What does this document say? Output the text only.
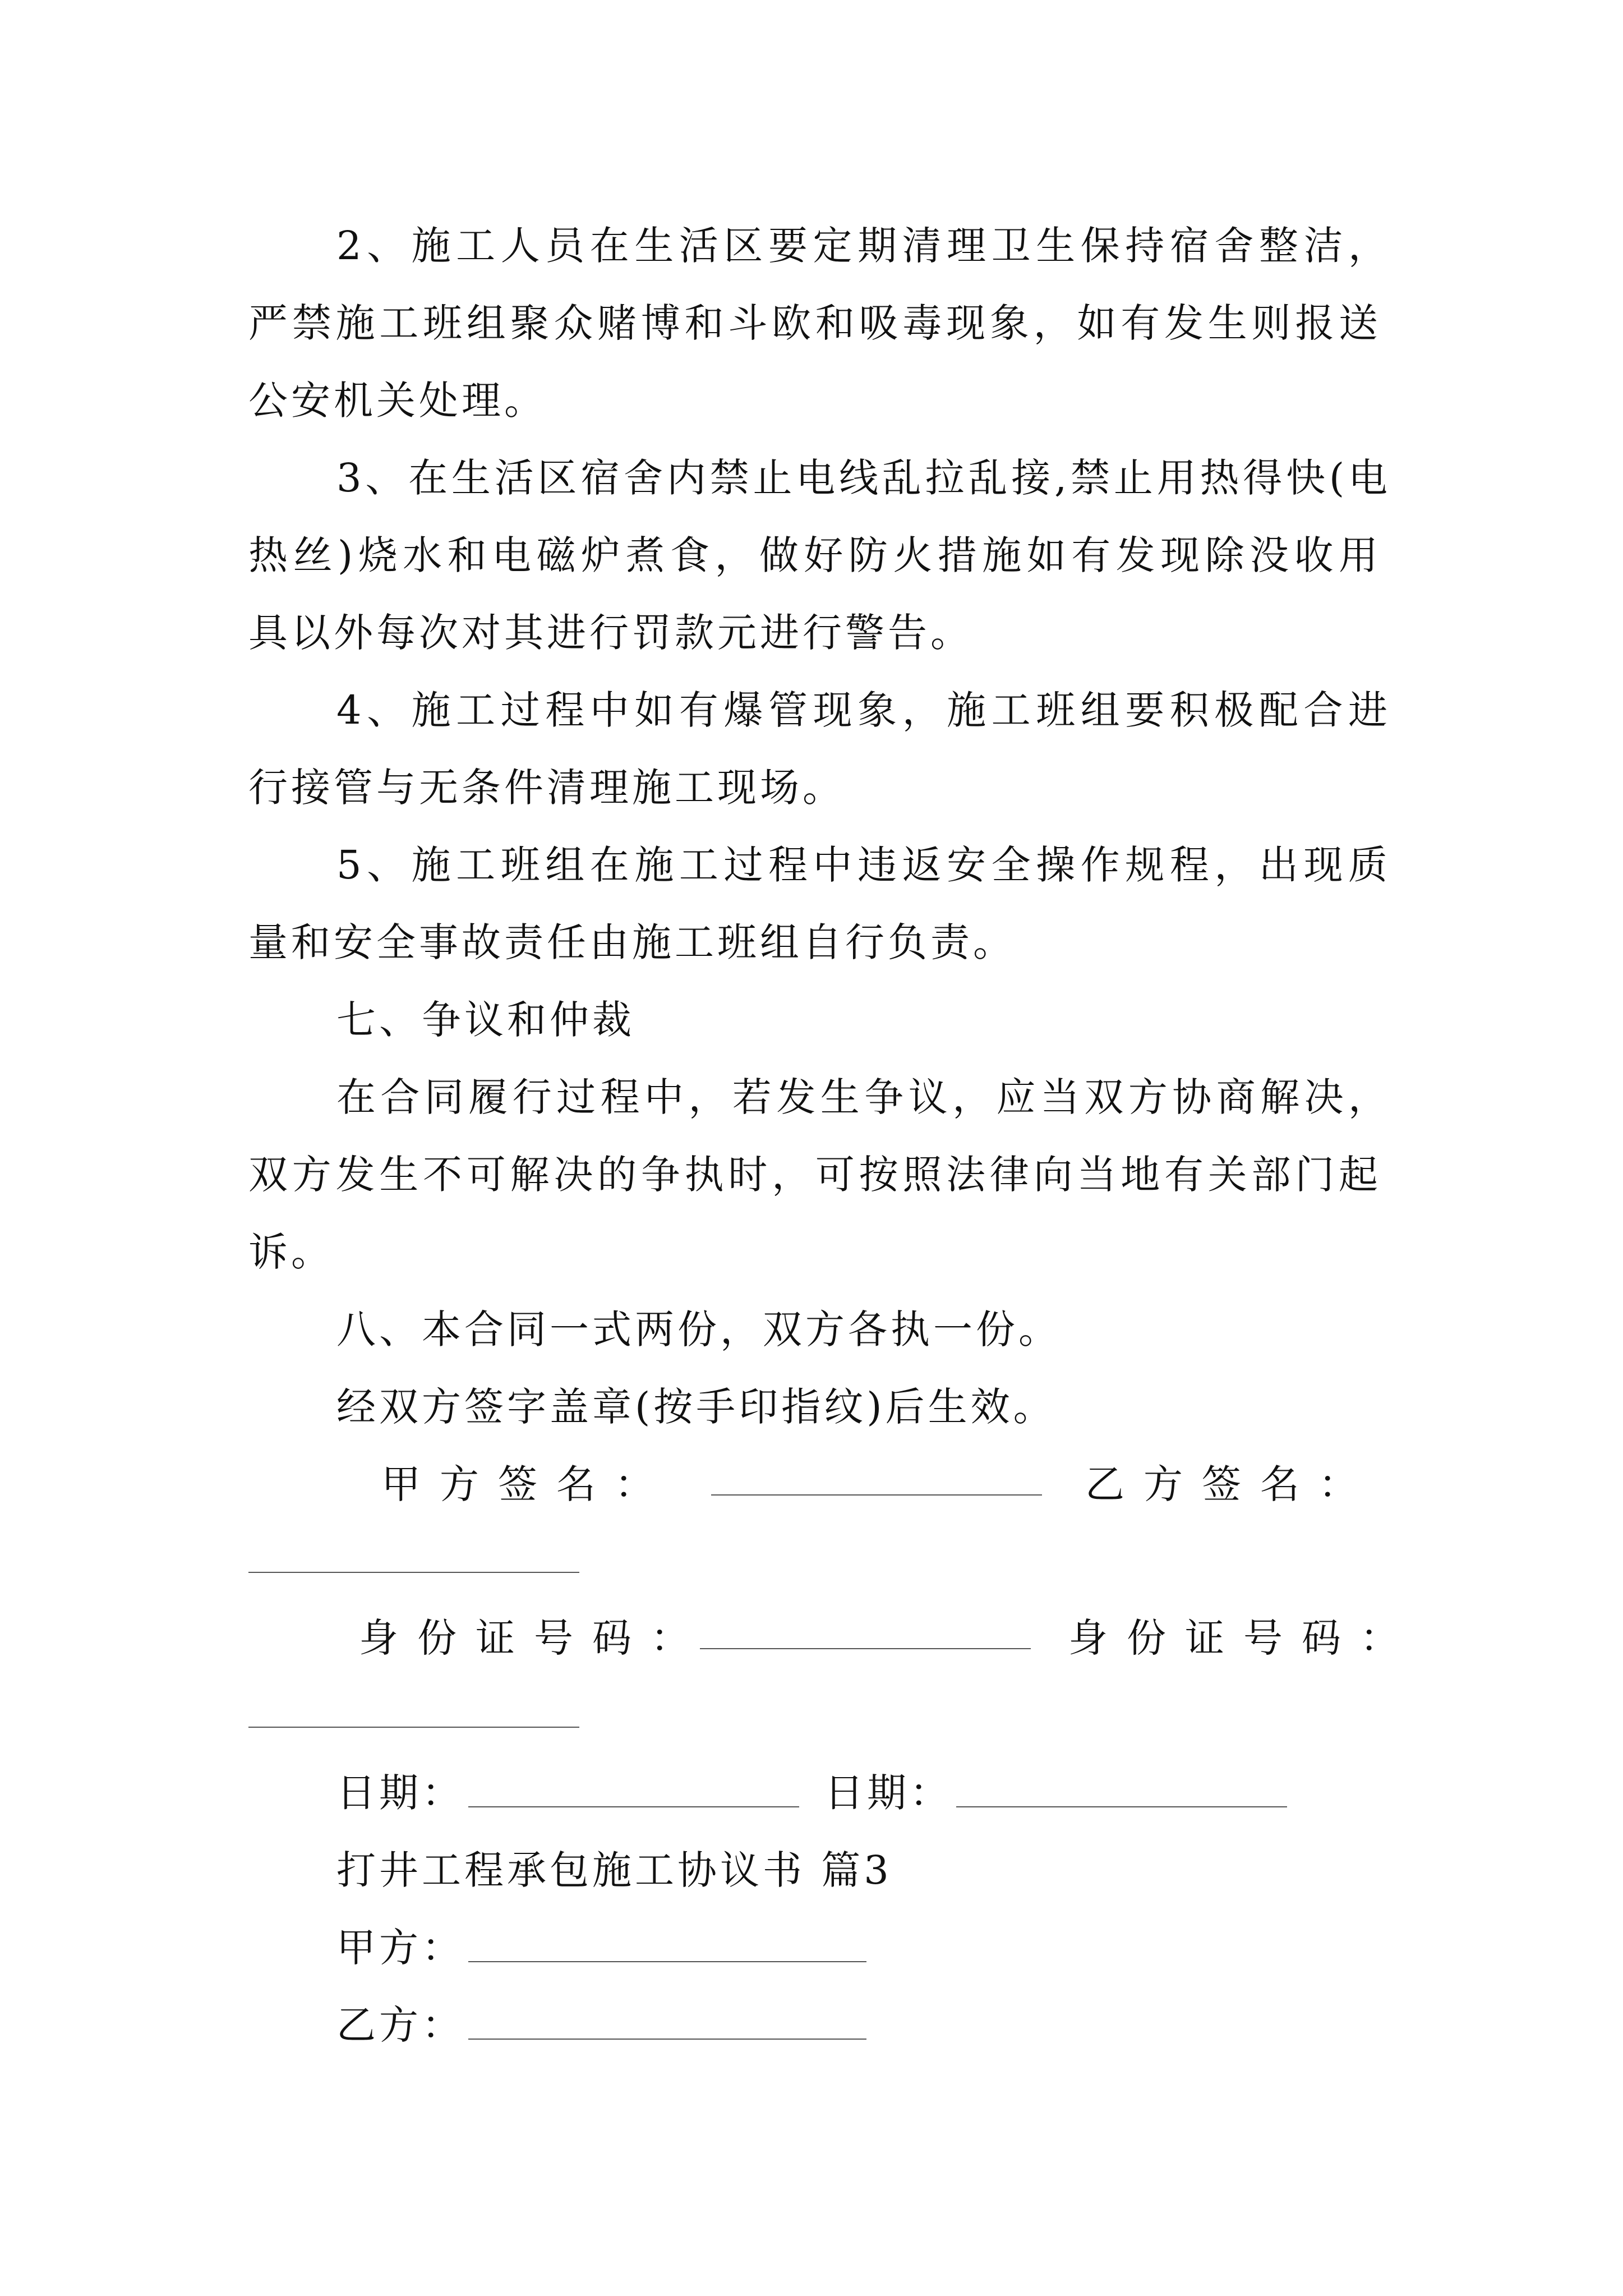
2、施工人员在生活区要定期清理卫生保持宿舍整洁，
严禁施工班组聚众赌博和斗欧和吸毒现象，如有发生则报送
公安机关处理。
3、在生活区宿舍内禁止电线乱拉乱接,禁止用热得快(电
热丝)烧水和电磁炉煮食，做好防火措施如有发现除没收用
具以外每次对其进行罚款元进行警告。
4、施工过程中如有爆管现象，施工班组要积极配合进
行接管与无条件清理施工现场。
5、施工班组在施工过程中违返安全操作规程，出现质
量和安全事故责任由施工班组自行负责。
七、争议和仲裁
在合同履行过程中，若发生争议，应当双方协商解决，
双方发生不可解决的争执时，可按照法律向当地有关部门起
诉。
八、本合同一式两份，双方各执一份。
经双方签字盖章(按手印指纹)后生效。
甲方签名：	乙方签名：
身份证号码：	身份证号码：
日期：	日期：
打井工程承包施工协议书 篇3
甲方：
乙方：
